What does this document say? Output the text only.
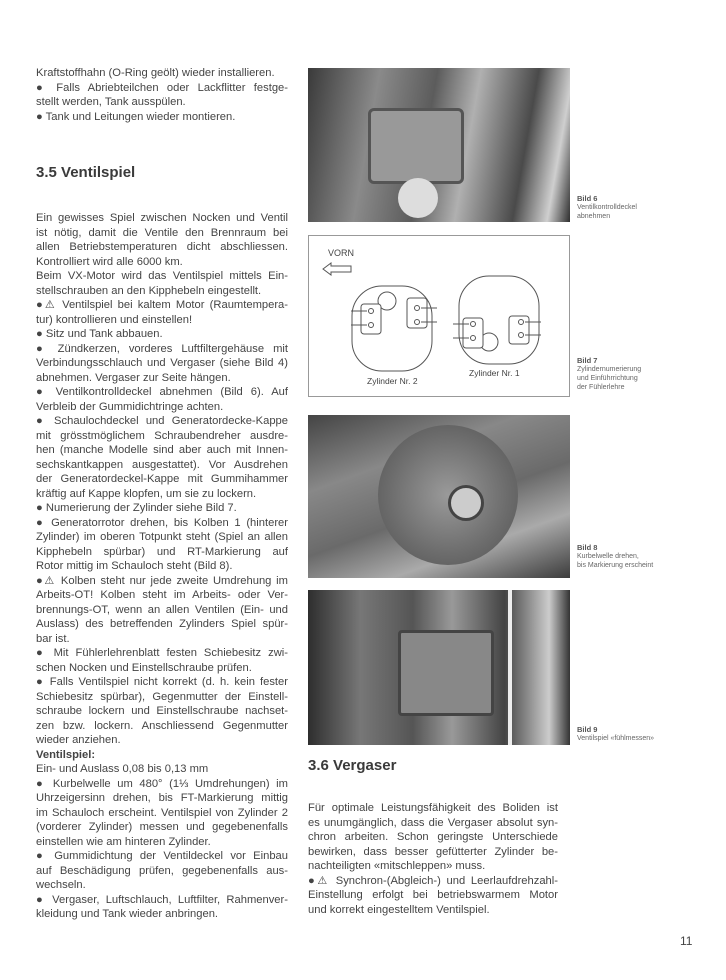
Kraftstoffhahn (O-Ring geölt) wieder installieren.
● Falls Abriebteilchen oder Lackflitter festge-
stellt werden, Tank ausspülen.
● Tank und Leitungen wieder montieren.
3.5 Ventilspiel
Ein gewisses Spiel zwischen Nocken und Ventil
ist nötig, damit die Ventile den Brennraum bei
allen Betriebstemperaturen dicht abschliessen.
Kontrolliert wird alle 6000 km.
Beim VX-Motor wird das Ventilspiel mittels Ein-
stellschrauben an den Kipphebeln eingestellt.
●⚠ Ventilspiel bei kaltem Motor (Raumtempera-
tur) kontrollieren und einstellen!
● Sitz und Tank abbauen.
● Zündkerzen, vorderes Luftfiltergehäuse mit
Verbindungsschlauch und Vergaser (siehe Bild 4)
abnehmen. Vergaser zur Seite hängen.
● Ventilkontrolldeckel abnehmen (Bild 6). Auf
Verbleib der Gummidichtringe achten.
● Schaulochdeckel und Generatordecke-Kappe
mit grösstmöglichem Schraubendreher ausdre-
hen (manche Modelle sind aber auch mit Innen-
sechskantkappen ausgestattet). Vor Ausdrehen
der Generatordeckel-Kappe mit Gummihammer
kräftig auf Kappe klopfen, um sie zu lockern.
● Numerierung der Zylinder siehe Bild 7.
● Generatorrotor drehen, bis Kolben 1 (hinterer
Zylinder) im oberen Totpunkt steht (Spiel an allen
Kipphebeln spürbar) und RT-Markierung auf
Rotor mittig im Schauloch steht (Bild 8).
●⚠ Kolben steht nur jede zweite Umdrehung im
Arbeits-OT! Kolben steht im Arbeits- oder Ver-
brennungs-OT, wenn an allen Ventilen (Ein- und
Auslass) des betreffenden Zylinders Spiel spür-
bar ist.
● Mit Fühlerlehrenblatt festen Schiebesitz zwi-
schen Nocken und Einstellschraube prüfen.
● Falls Ventilspiel nicht korrekt (d. h. kein fester
Schiebesitz spürbar), Gegenmutter der Einstell-
schraube lockern und Einstellschraube nachset-
zen bzw. lockern. Anschliessend Gegenmutter
wieder anziehen.
Ventilspiel:
Ein- und Auslass 0,08 bis 0,13 mm
● Kurbelwelle um 480° (1⅓ Umdrehungen) im
Uhrzeigersinn drehen, bis FT-Markierung mittig
im Schauloch erscheint. Ventilspiel von Zylinder 2
(vorderer Zylinder) messen und gegebenenfalls
einstellen wie am hinteren Zylinder.
● Gummidichtung der Ventildeckel vor Einbau
auf Beschädigung prüfen, gegebenenfalls aus-
wechseln.
● Vergaser, Luftschlauch, Luftfilter, Rahmenver-
kleidung und Tank wieder anbringen.
VORN
Zylinder Nr. 2
Zylinder Nr. 1
3.6 Vergaser
Für optimale Leistungsfähigkeit des Boliden ist
es unumgänglich, dass die Vergaser absolut syn-
chron arbeiten. Schon geringste Unterschiede
bewirken, dass besser gefütterter Zylinder be-
nachteiligten «mitschleppen» muss.
●⚠ Synchron-(Abgleich-) und Leerlaufdrehzahl-
Einstellung erfolgt bei betriebswarmem Motor
und korrekt eingestelltem Ventilspiel.
Bild 6
Ventilkontrolldeckel
abnehmen
Bild 7
Zylindernumerierung
und Einführrichtung
der Fühlerlehre
Bild 8
Kurbelwelle drehen,
bis Markierung erscheint
Bild 9
Ventilspiel «fühlmessen»
11
